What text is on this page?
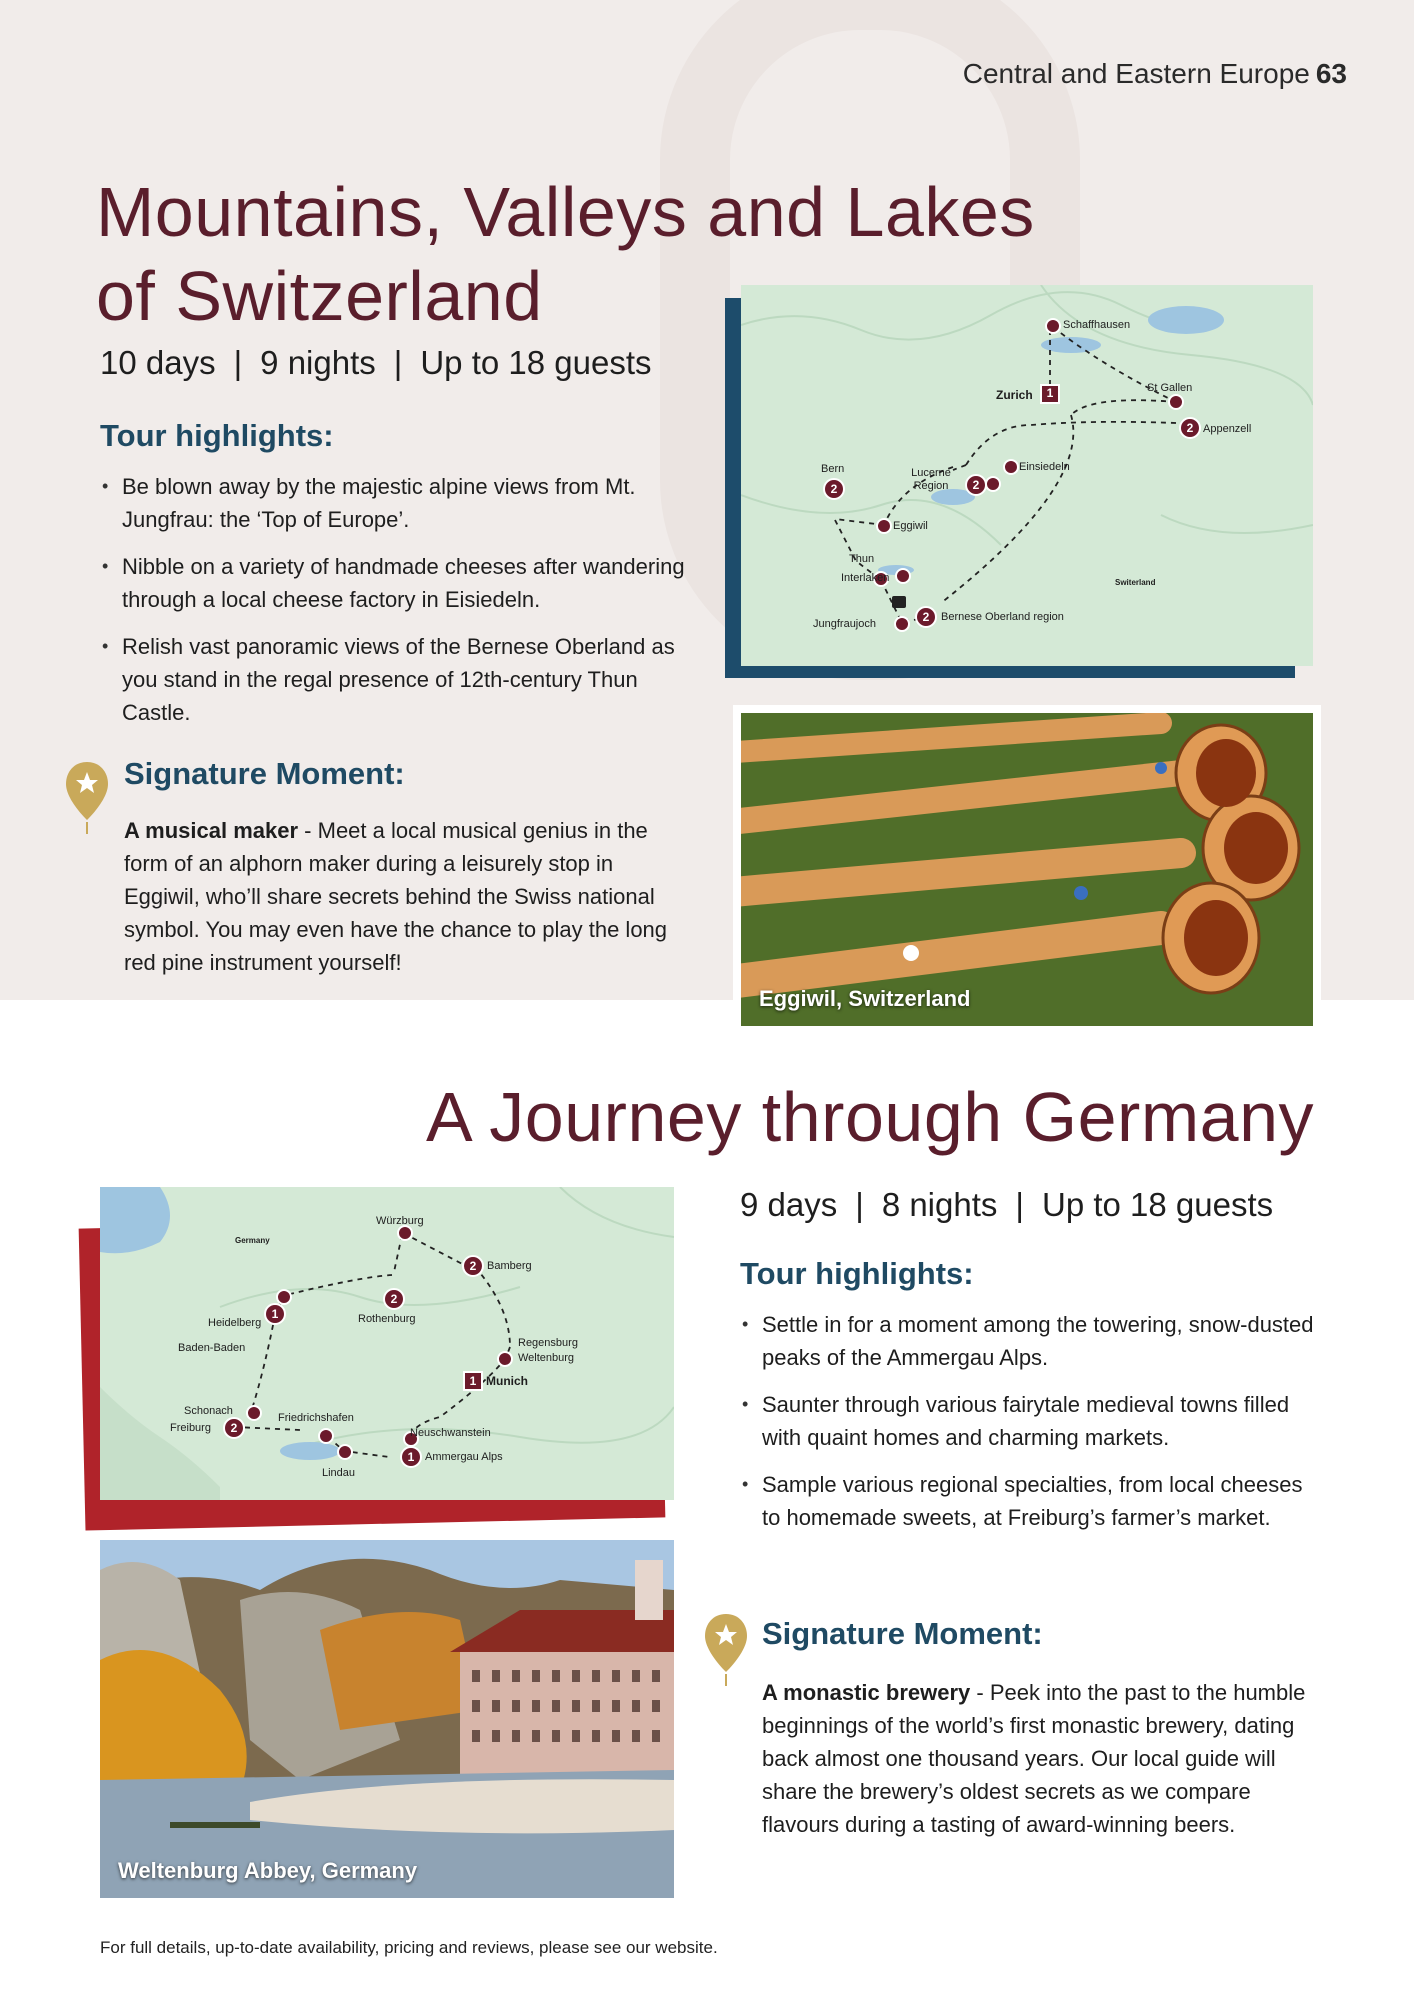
Central and Eastern Europe 63
Mountains, Valleys and Lakes of Switzerland
10 days | 9 nights | Up to 18 guests
Tour highlights:
• Be blown away by the majestic alpine views from Mt. Jungfrau: the ‘Top of Europe’.
• Nibble on a variety of handmade cheeses after wandering through a local cheese factory in Eisiedeln.
• Relish vast panoramic views of the Bernese Oberland as you stand in the regal presence of 12th-century Thun Castle.
Signature Moment:
A musical maker - Meet a local musical genius in the form of an alphorn maker during a leisurely stop in Eggiwil, who’ll share secrets behind the Swiss national symbol. You may even have the chance to play the long red pine instrument yourself!
Schaffhausen
Zurich	1	St Gallen
Appenzell
2
Einsiedeln
Lucerne Region	2
Bern
2
Eggiwil
Thun
Interlaken
Jungfraujoch
Bernese Oberland region
2
Switerland
Eggiwil, Switzerland
A Journey through Germany
9 days | 8 nights | Up to 18 guests
Tour highlights:
• Settle in for a moment among the towering, snow-dusted peaks of the Ammergau Alps.
• Saunter through various fairytale medieval towns filled with quaint homes and charming markets.
• Sample various regional specialties, from local cheeses to homemade sweets, at Freiburg’s farmer’s market.
Signature Moment:
A monastic brewery - Peek into the past to the humble beginnings of the world’s first monastic brewery, dating back almost one thousand years. Our local guide will share the brewery’s oldest secrets as we compare flavours during a tasting of award-winning beers.
Germany
Würzburg
Bamberg
2
Rothenburg
2
Heidelberg
Baden-Baden
1
Regensburg
Weltenburg
Munich
1
Schonach
Freiburg	2
Friedrichshafen
Lindau
Neuschwanstein
Ammergau Alps
1
Weltenburg Abbey, Germany
For full details, up-to-date availability, pricing and reviews, please see our website.
